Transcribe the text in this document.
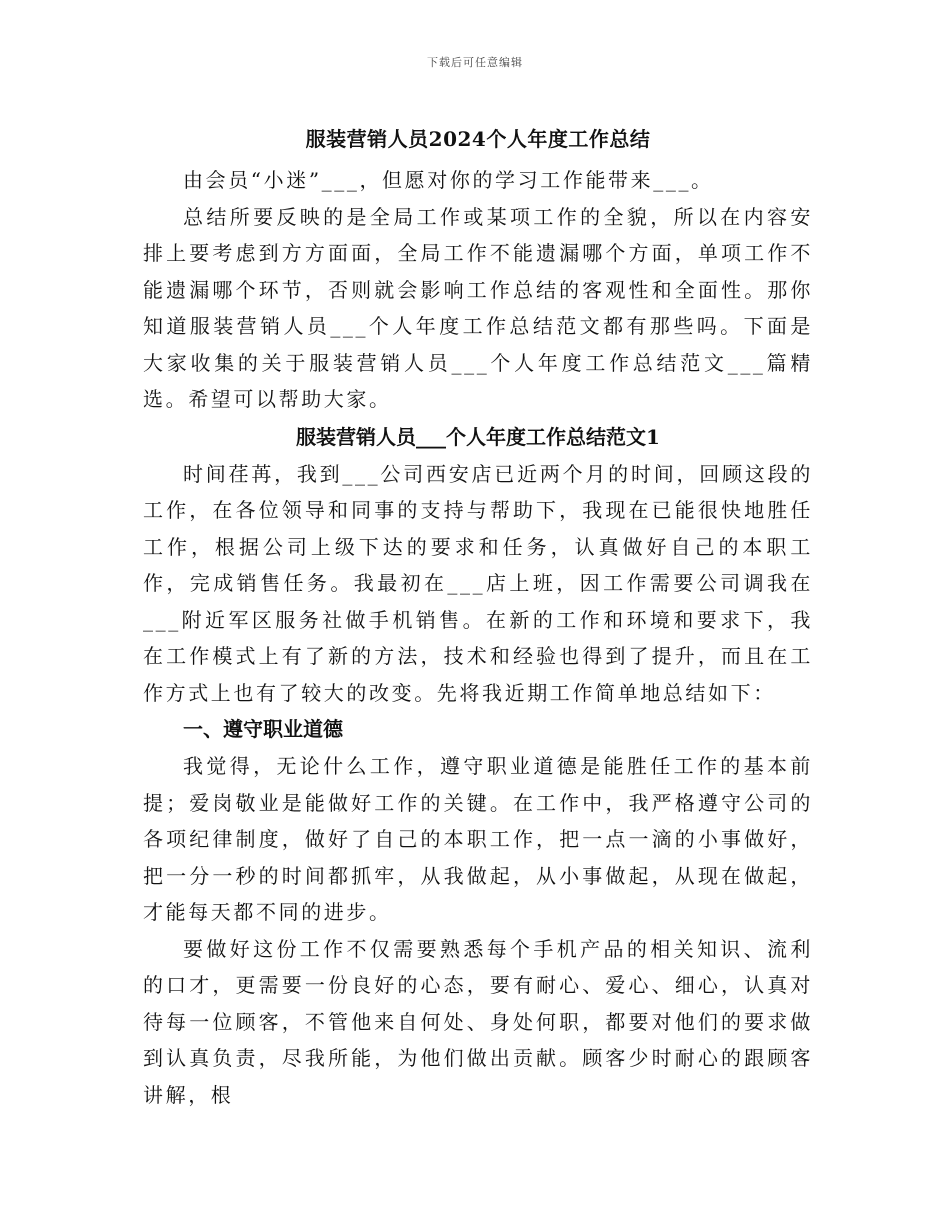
下载后可任意编辑
服装营销人员2024个人年度工作总结

由会员“小迷”___，但愿对你的学习工作能带来___。

总结所要反映的是全局工作或某项工作的全貌，所以在内容安排上要考虑到方方面面，全局工作不能遗漏哪个方面，单项工作不能遗漏哪个环节，否则就会影响工作总结的客观性和全面性。那你知道服装营销人员___个人年度工作总结范文都有那些吗。下面是大家收集的关于服装营销人员___个人年度工作总结范文___篇精选。希望可以帮助大家。

服装营销人员___个人年度工作总结范文1

时间荏苒，我到___公司西安店已近两个月的时间，回顾这段的工作，在各位领导和同事的支持与帮助下，我现在已能很快地胜任工作，根据公司上级下达的要求和任务，认真做好自己的本职工作，完成销售任务。我最初在___店上班，因工作需要公司调我在___附近军区服务社做手机销售。在新的工作和环境和要求下，我在工作模式上有了新的方法，技术和经验也得到了提升，而且在工作方式上也有了较大的改变。先将我近期工作简单地总结如下：

一、遵守职业道德

我觉得，无论什么工作，遵守职业道德是能胜任工作的基本前提；爱岗敬业是能做好工作的关键。在工作中，我严格遵守公司的各项纪律制度，做好了自己的本职工作，把一点一滴的小事做好，把一分一秒的时间都抓牢，从我做起，从小事做起，从现在做起，才能每天都不同的进步。

要做好这份工作不仅需要熟悉每个手机产品的相关知识、流利的口才，更需要一份良好的心态，要有耐心、爱心、细心，认真对待每一位顾客，不管他来自何处、身处何职，都要对他们的要求做到认真负责，尽我所能，为他们做出贡献。顾客少时耐心的跟顾客讲解，根
